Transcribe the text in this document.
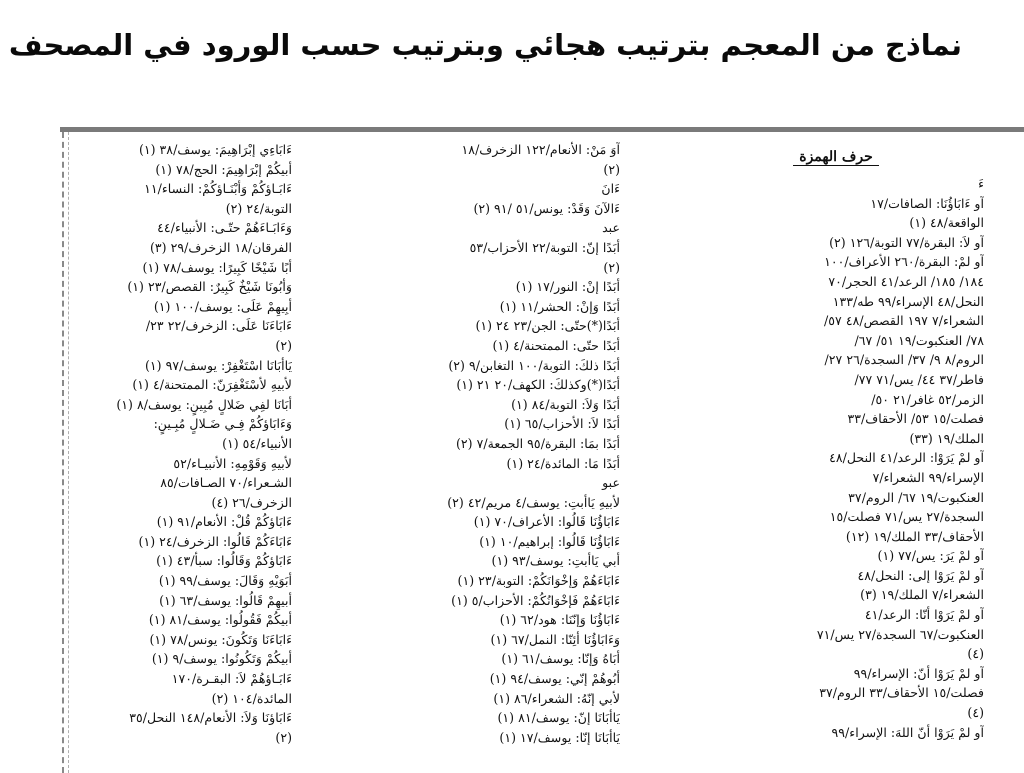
نماذج من المعجم بترتيب هجائي وبترتيب حسب الورود في المصحف
حرف الهمزة
ءَ
آو ءَابَاؤُنَا: الصافات/١٧
الواقعة/٤٨ (١)
آو لاَ: البقرة/٧٧ التوبة/١٢٦ (٢)
آو لمْ: البقرة/٢٦٠ الأعراف/١٠٠
١٨٤/ ١٨٥/ الرعد/٤١ الحجر/٧٠
النحل/٤٨ الإسراء/٩٩ طه/١٣٣
الشعراء/٧ ١٩٧ القصص/٤٨ ٥٧/
٧٨/ العنكبوت/١٩ ٥١/ ٦٧/
الروم/٨ ٩/ ٣٧/ السجدة/٢٦ ٢٧/
فاطر/٣٧ ٤٤/ يس/٧١ ٧٧/
الزمر/٥٢ غافر/٢١ ٥٠/
فصلت/١٥ ٥٣/ الأحقاف/٣٣
الملك/١٩ (٣٣)
آو لمْ يَرَوْا: الرعد/٤١ النحل/٤٨
الإسراء/٩٩ الشعراء/٧
العنكبوت/١٩ ٦٧/ الروم/٣٧
السجدة/٢٧ يس/٧١ فصلت/١٥
الأحقاف/٣٣ الملك/١٩ (١٢)
آو لمْ يَرَ: يس/٧٧ (١)
آو لمْ يَرَوْا إلى: النحل/٤٨
الشعراء/٧ الملك/١٩ (٣)
آو لمْ يَرَوْا أنّا: الرعد/٤١
العنكبوت/٦٧ السجدة/٢٧ يس/٧١
(٤)
آو لمْ يَرَوْا أنّ: الإسراء/٩٩
فصلت/١٥ الأحقاف/٣٣ الروم/٣٧
(٤)
آو لمْ يَرَوْا أنّ اللهَ: الإسراء/٩٩
آوَ مَنْ: الأنعام/١٢٢ الزخرف/١٨
(٢)
ءَانَ
ءَالآنَ وَقَدْ: يونس/٥١ /٩١ (٢)
عبد
أبَدًا إنّ: التوبة/٢٢ الأحزاب/٥٣
(٢)
أبَدًا إنْ: النور/١٧ (١)
أبَدًا وَإنْ: الحشر/١١ (١)
أبَدًا(*)حتّى: الجن/٢٣ ٢٤ (١)
أبَدًا حتّى: الممتحنة/٤ (١)
أبَدًا ذلكَ: التوبة/١٠٠ التغابن/٩ (٢)
أبَدًا(*)وكذلكَ: الكهف/٢٠ ٢١ (١)
أبَدًا وَلاَ: التوبة/٨٤ (١)
أبَدًا لاَ: الأحزاب/٦٥ (١)
أبَدًا بمَا: البقرة/٩٥ الجمعة/٧ (٢)
أبَدًا مَا: المائدة/٢٤ (١)
عبو
لأبيهِ يَاأبتِ: يوسف/٤ مريم/٤٢ (٢)
ءَابَاؤُنَا قَالُوا: الأعراف/٧٠ (١)
ءَابَاؤُنَا قَالُوا: إبراهيم/١٠ (١)
أبي يَاأبتِ: يوسف/٩٣ (١)
ءَابَاءَهُمْ وَإخْوَانَكُمْ: التوبة/٢٣ (١)
ءَابَاءَهُمْ فَإخْوَانُكُمْ: الأحزاب/٥ (١)
ءَابَاؤُنَا وَإنّنَا: هود/٦٢ (١)
وَءَابَاؤُنَا أئِنّا: النمل/٦٧ (١)
أبَاهُ وَإنّا: يوسف/٦١ (١)
أبُوهُمْ إنّي: يوسف/٩٤ (١)
لأبي إنّهُ: الشعراء/٨٦ (١)
يَاأبَانَا إنّ: يوسف/٨١ (١)
يَاأبَانَا إنّا: يوسف/١٧ (١)
ءَابَاءِي إبْرَاهِيمَ: يوسف/٣٨ (١)
أبيكُمْ إبْرَاهِيمَ: الحج/٧٨ (١)
ءَابَـاؤكُمْ وَأبْنَـاؤكُمْ: النساء/١١
التوبة/٢٤ (٢)
وَءَابَـاءَهُمْ حتّـى: الأنبياء/٤٤
الفرقان/١٨ الزخرف/٢٩ (٣)
أبًا شَيْخًا كَبِيرًا: يوسف/٧٨ (١)
وَأبُونَا شَيْخٌ كَبِيرٌ: القصص/٢٣ (١)
أبِيهِمْ عَلَى: يوسف/١٠٠ (١)
ءَابَاءَنَا عَلَى: الزخرف/٢٢ ٢٣/
(٢)
يَاأبَانَا اسْتَغْفِرْ: يوسف/٩٧ (١)
لأبيهِ لأسْتَغْفِرَنّ: الممتحنة/٤ (١)
أبَانَا لفِي ضَلالٍ مُبِينٍ: يوسف/٨ (١)
وَءَابَاؤكُمْ فِـي ضَـلالٍ مُبِـينٍ:
الأنبياء/٥٤ (١)
لأبيهِ وَقَوْمِهِ: الأنبيـاء/٥٢
الشـعراء/٧٠ الصـافات/٨٥
الزخرف/٢٦ (٤)
ءَابَاؤكُمْ قُلْ: الأنعام/٩١ (١)
ءَابَاءَكُمْ قَالُوا: الزخرف/٢٤ (١)
ءَابَاؤكُمْ وَقَالُوا: سبأ/٤٣ (١)
أبَوَيْهِ وَقَالَ: يوسف/٩٩ (١)
أبيهِمْ قَالُوا: يوسف/٦٣ (١)
أبيكُمْ فَقُولُوا: يوسف/٨١ (١)
ءَابَاءَنَا وَتَكُونَ: يونس/٧٨ (١)
أبيكُمْ وَتَكُونُوا: يوسف/٩ (١)
ءَابَـاؤهُمْ لاَ: البقـرة/١٧٠
المائدة/١٠٤ (٢)
ءَابَاؤنَا وَلاَ: الأنعام/١٤٨ النحل/٣٥
(٢)
